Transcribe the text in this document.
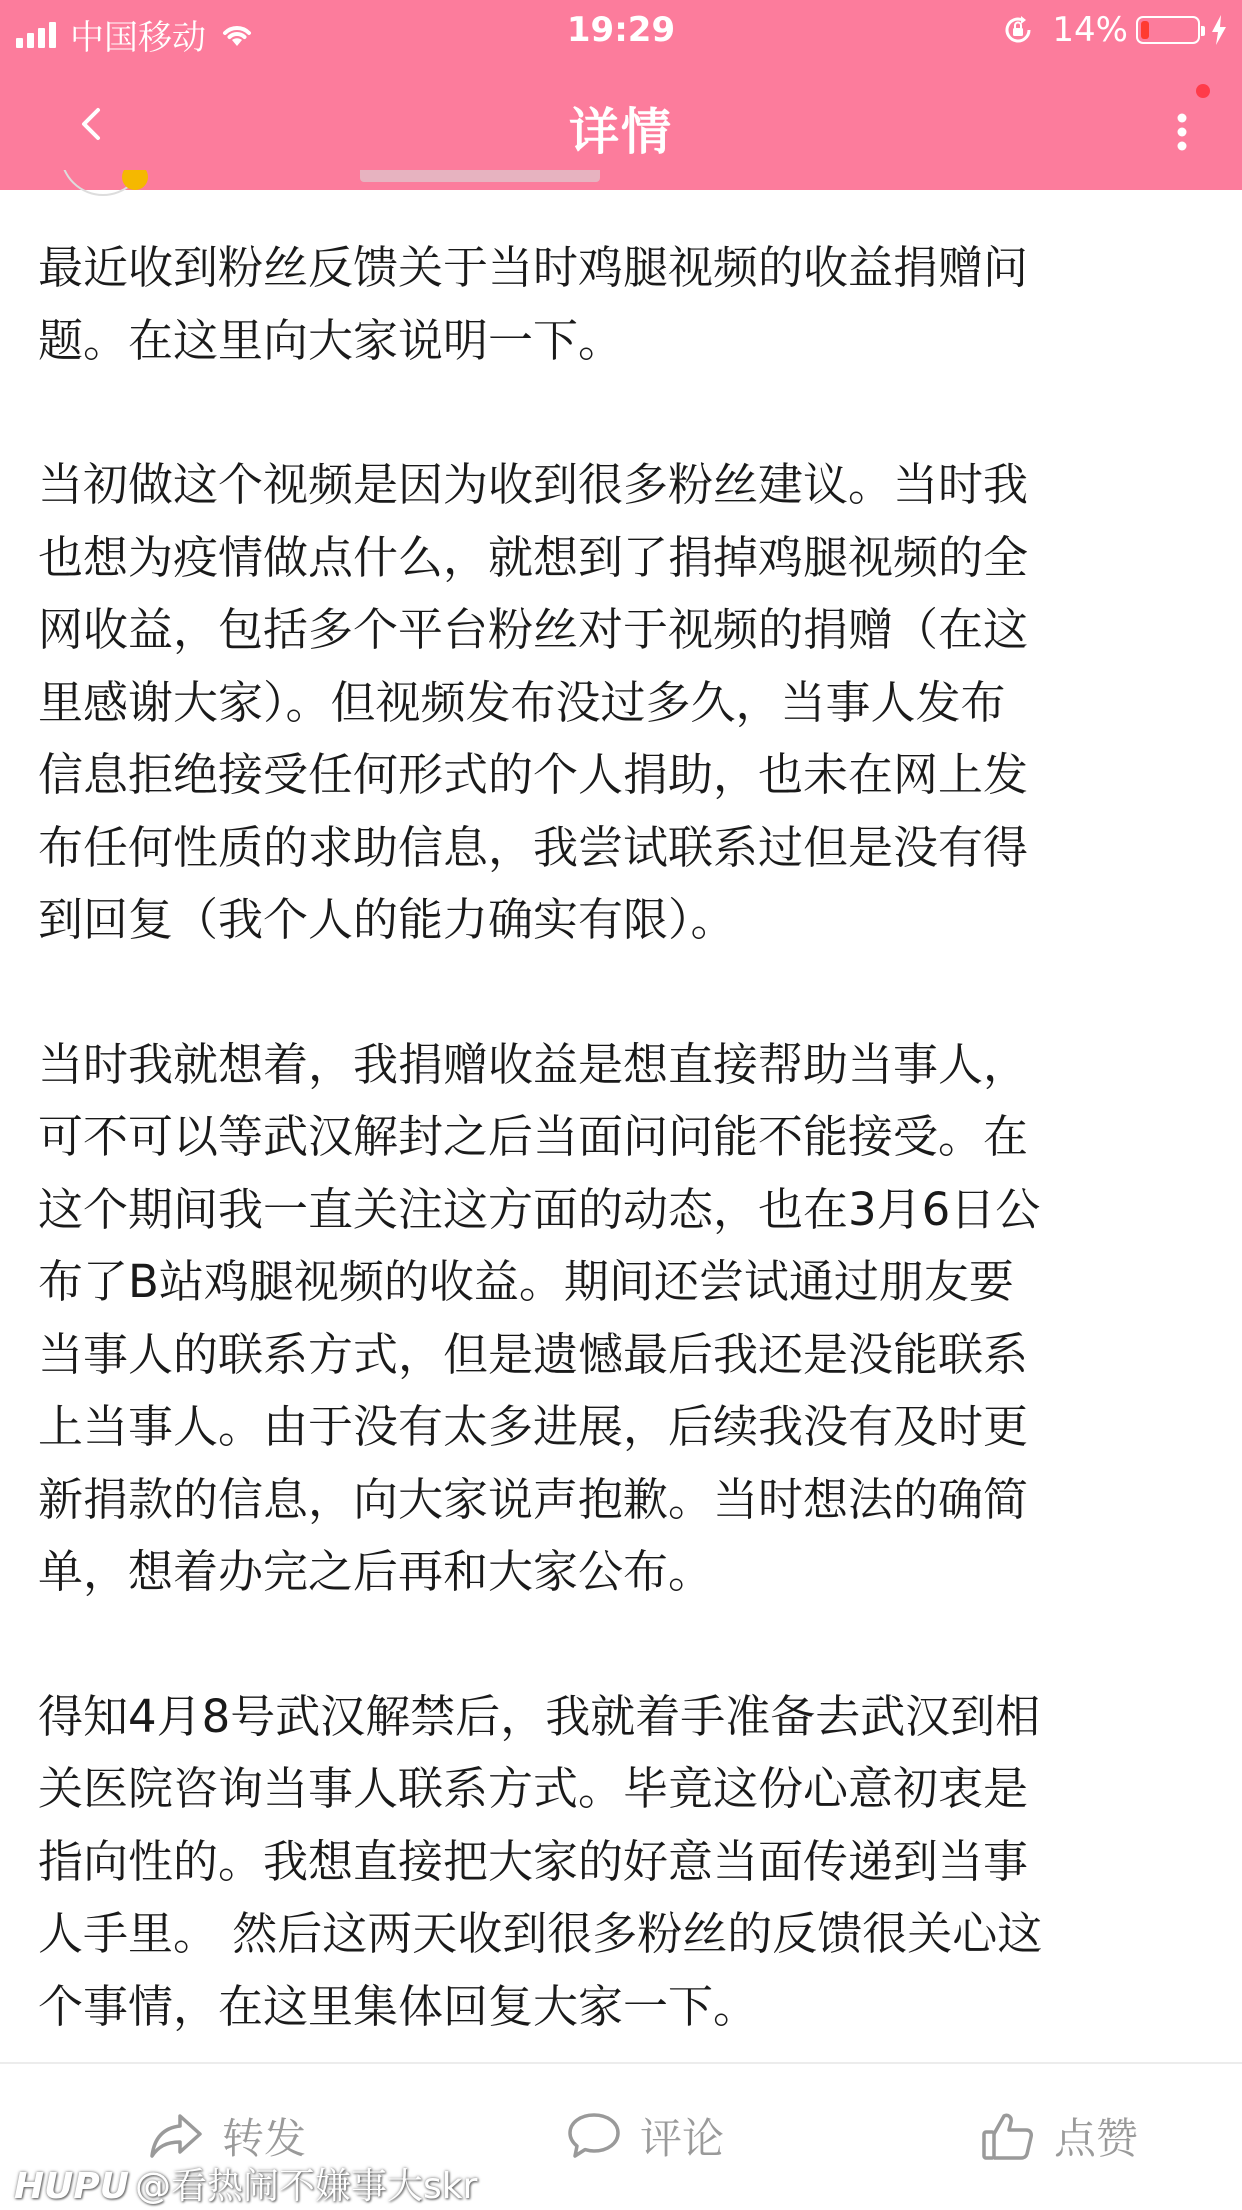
中国移动	19:29	14%
详情

最近收到粉丝反馈关于当时鸡腿视频的收益捐赠问
题。在这里向大家说明一下。

当初做这个视频是因为收到很多粉丝建议。当时我
也想为疫情做点什么，就想到了捐掉鸡腿视频的全
网收益，包括多个平台粉丝对于视频的捐赠（在这
里感谢大家）。但视频发布没过多久，当事人发布
信息拒绝接受任何形式的个人捐助，也未在网上发
布任何性质的求助信息，我尝试联系过但是没有得
到回复（我个人的能力确实有限）。

当时我就想着，我捐赠收益是想直接帮助当事人，
可不可以等武汉解封之后当面问问能不能接受。在
这个期间我一直关注这方面的动态，也在3月6日公
布了B站鸡腿视频的收益。期间还尝试通过朋友要
当事人的联系方式，但是遗憾最后我还是没能联系
上当事人。由于没有太多进展，后续我没有及时更
新捐款的信息，向大家说声抱歉。当时想法的确简
单，想着办完之后再和大家公布。

得知4月8号武汉解禁后，我就着手准备去武汉到相
关医院咨询当事人联系方式。毕竟这份心意初衷是
指向性的。我想直接把大家的好意当面传递到当事
人手里。 然后这两天收到很多粉丝的反馈很关心这
个事情，在这里集体回复大家一下。

转发	评论	点赞
HUPU @看热闹不嫌事大skr
